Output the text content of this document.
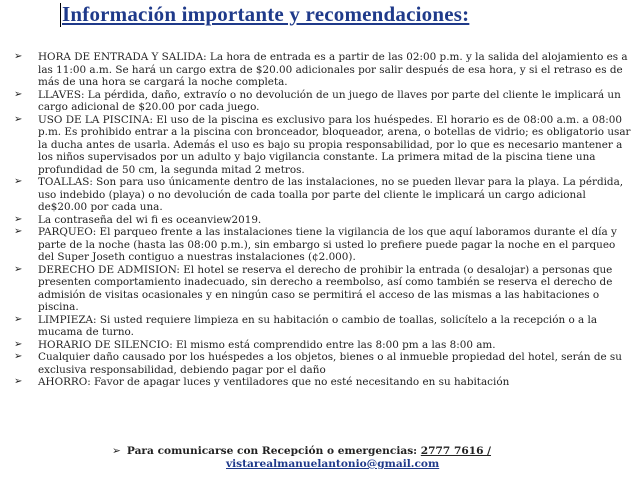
Información importante y recomendaciones:
➢ HORA DE ENTRADA Y SALIDA: La hora de entrada es a partir de las 02:00 p.m. y la salida del alojamiento es a las 11:00 a.m. Se hará un cargo extra de $20.00 adicionales por salir después de esa hora, y si el retraso es de más de una hora se cargará la noche completa.
➢ LLAVES: La pérdida, daño, extravío o no devolución de un juego de llaves por parte del cliente le implicará un cargo adicional de $20.00 por cada juego.
➢ USO DE LA PISCINA: El uso de la piscina es exclusivo para los huéspedes. El horario es de 08:00 a.m. a 08:00 p.m. Es prohibido entrar a la piscina con bronceador, bloqueador, arena, o botellas de vidrio; es obligatorio usar la ducha antes de usarla. Además el uso es bajo su propia responsabilidad, por lo que es necesario mantener a los niños supervisados por un adulto y bajo vigilancia constante. La primera mitad de la piscina tiene una profundidad de 50 cm, la segunda mitad 2 metros.
➢ TOALLAS: Son para uso únicamente dentro de las instalaciones, no se pueden llevar para la playa. La pérdida, uso indebido (playa) o no devolución de cada toalla por parte del cliente le implicará un cargo adicional de$20.00 por cada una.
➢ La contraseña del wi fi es oceanview2019.
➢ PARQUEO: El parqueo frente a las instalaciones tiene la vigilancia de los que aquí laboramos durante el día y parte de la noche (hasta las 08:00 p.m.), sin embargo si usted lo prefiere puede pagar la noche en el parqueo del Super Joseth contiguo a nuestras instalaciones (¢2.000).
➢ DERECHO DE ADMISION: El hotel se reserva el derecho de prohibir la entrada (o desalojar) a personas que presenten comportamiento inadecuado, sin derecho a reembolso, así como también se reserva el derecho de admisión de visitas ocasionales y en ningún caso se permitirá el acceso de las mismas a las habitaciones o piscina.
➢ LIMPIEZA: Si usted requiere limpieza en su habitación o cambio de toallas, solicítelo a la recepción o a la mucama de turno.
➢ HORARIO DE SILENCIO: El mismo está comprendido entre las 8:00 pm a las 8:00 am.
➢ Cualquier daño causado por los huéspedes a los objetos, bienes o al inmueble propiedad del hotel, serán de su exclusiva responsabilidad, debiendo pagar por el daño
➢ AHORRO: Favor de apagar luces y ventiladores que no esté necesitando en su habitación
➢ Para comunicarse con Recepción o emergencias: 2777 7616 /
vistarealmanuelantonio@gmail.com
